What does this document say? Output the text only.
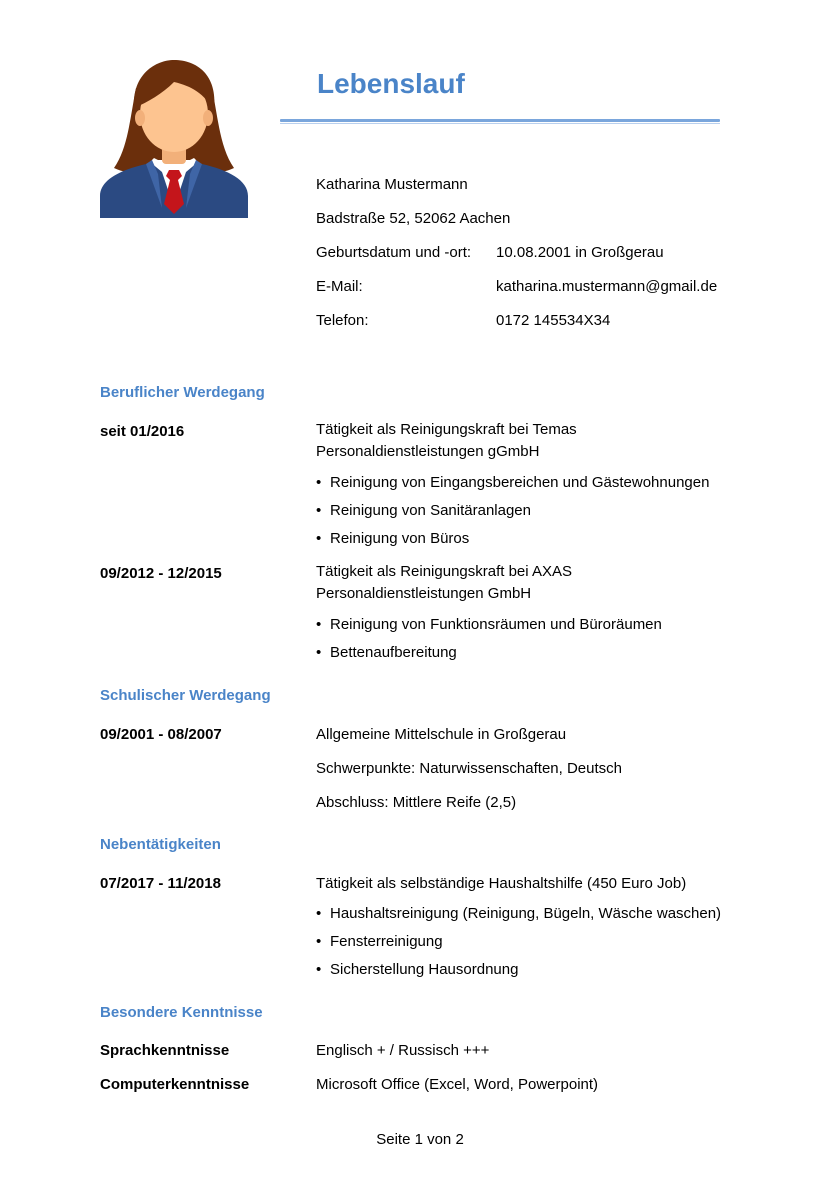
Lebenslauf
Katharina Mustermann
Badstraße 52, 52062 Aachen
Geburtsdatum und -ort: 10.08.2001 in Großgerau
E-Mail:	katharina.mustermann@gmail.de
Telefon:	0172 145534X34
Beruflicher Werdegang
seit 01/2016	Tätigkeit als Reinigungskraft bei Temas
Personaldienstleistungen gGmbH
• Reinigung von Eingangsbereichen und Gästewohnungen
• Reinigung von Sanitäranlagen
• Reinigung von Büros
09/2012 - 12/2015	Tätigkeit als Reinigungskraft bei AXAS
Personaldienstleistungen GmbH
• Reinigung von Funktionsräumen und Büroräumen
• Bettenaufbereitung
Schulischer Werdegang
09/2001 - 08/2007	Allgemeine Mittelschule in Großgerau
Schwerpunkte: Naturwissenschaften, Deutsch
Abschluss: Mittlere Reife (2,5)
Nebentätigkeiten
07/2017 - 11/2018	Tätigkeit als selbständige Haushaltshilfe (450 Euro Job)
• Haushaltsreinigung (Reinigung, Bügeln, Wäsche waschen)
• Fensterreinigung
• Sicherstellung Hausordnung
Besondere Kenntnisse
Sprachkenntnisse	Englisch + / Russisch +++
Computerkenntnisse	Microsoft Office (Excel, Word, Powerpoint)
Seite 1 von 2
